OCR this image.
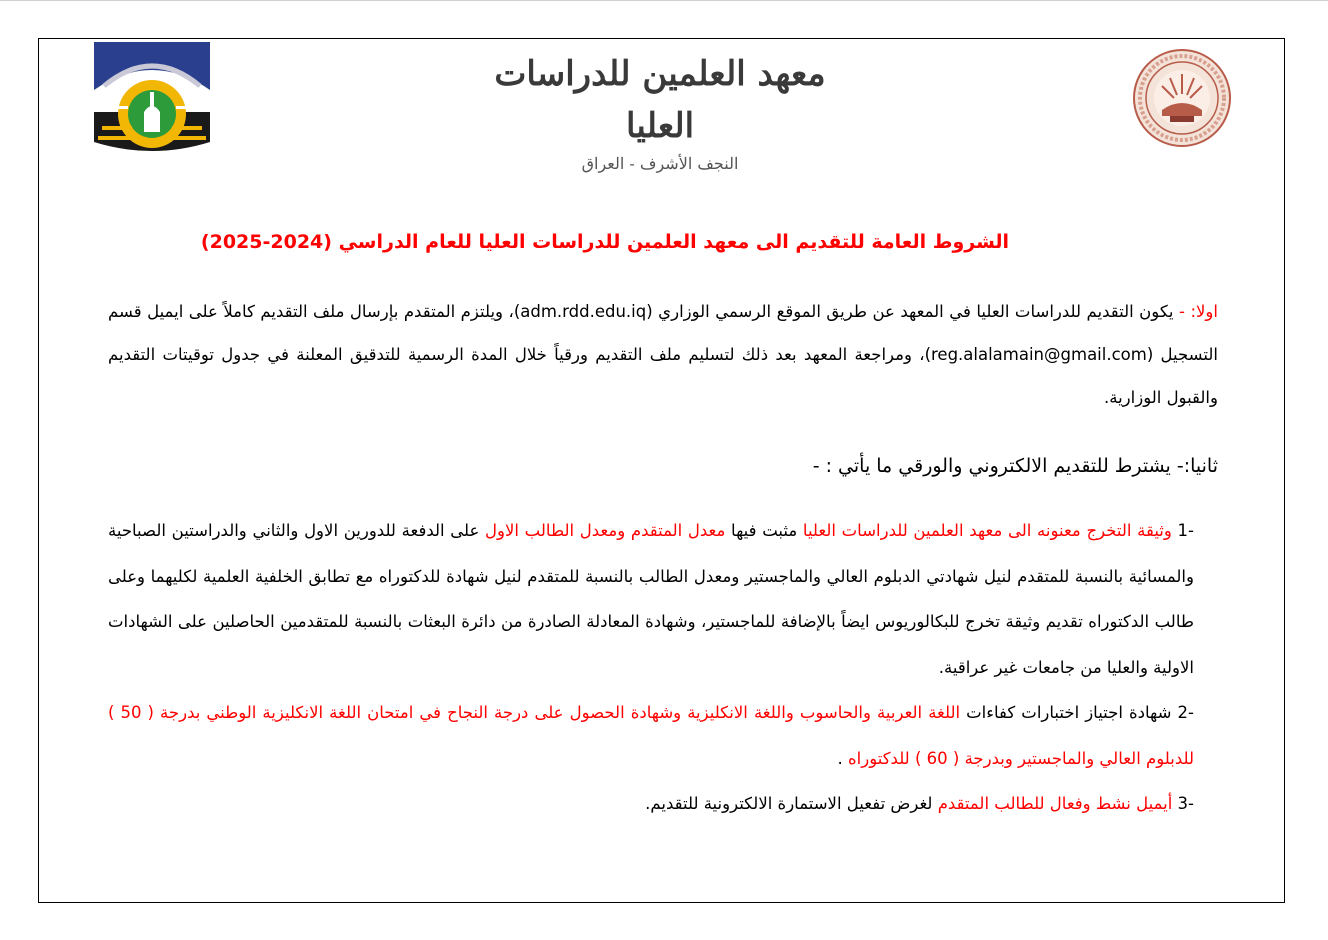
معهد العلمين للدراسات العليا
النجف الأشرف - العراق
الشروط العامة للتقديم الى معهد العلمين للدراسات العليا للعام الدراسي (2024-2025)

اولا: - يكون التقديم للدراسات العليا في المعهد عن طريق الموقع الرسمي الوزاري (adm.rdd.edu.iq)، ويلتزم المتقدم بإرسال ملف التقديم كاملاً على ايميل قسم التسجيل (reg.alalamain@gmail.com)، ومراجعة المعهد بعد ذلك لتسليم ملف التقديم ورقياً خلال المدة الرسمية للتدقيق المعلنة في جدول توقيتات التقديم والقبول الوزارية.

ثانيا:- يشترط للتقديم الالكتروني والورقي ما يأتي : -

1- وثيقة التخرج معنونه الى معهد العلمين للدراسات العليا مثبت فيها معدل المتقدم ومعدل الطالب الاول على الدفعة للدورين الاول والثاني والدراستين الصباحية والمسائية بالنسبة للمتقدم لنيل شهادتي الدبلوم العالي والماجستير ومعدل الطالب بالنسبة للمتقدم لنيل شهادة للدكتوراه مع تطابق الخلفية العلمية لكليهما وعلى طالب الدكتوراه تقديم وثيقة تخرج للبكالوريوس ايضاً بالإضافة للماجستير، وشهادة المعادلة الصادرة من دائرة البعثات بالنسبة للمتقدمين الحاصلين على الشهادات الاولية والعليا من جامعات غير عراقية.

2- شهادة اجتياز اختبارات كفاءات اللغة العربية والحاسوب واللغة الانكليزية وشهادة الحصول على درجة النجاح في امتحان اللغة الانكليزية الوطني بدرجة ( 50 ) للدبلوم العالي والماجستير وبدرجة ( 60 ) للدكتوراه .

3- أيميل نشط وفعال للطالب المتقدم لغرض تفعيل الاستمارة الالكترونية للتقديم.
